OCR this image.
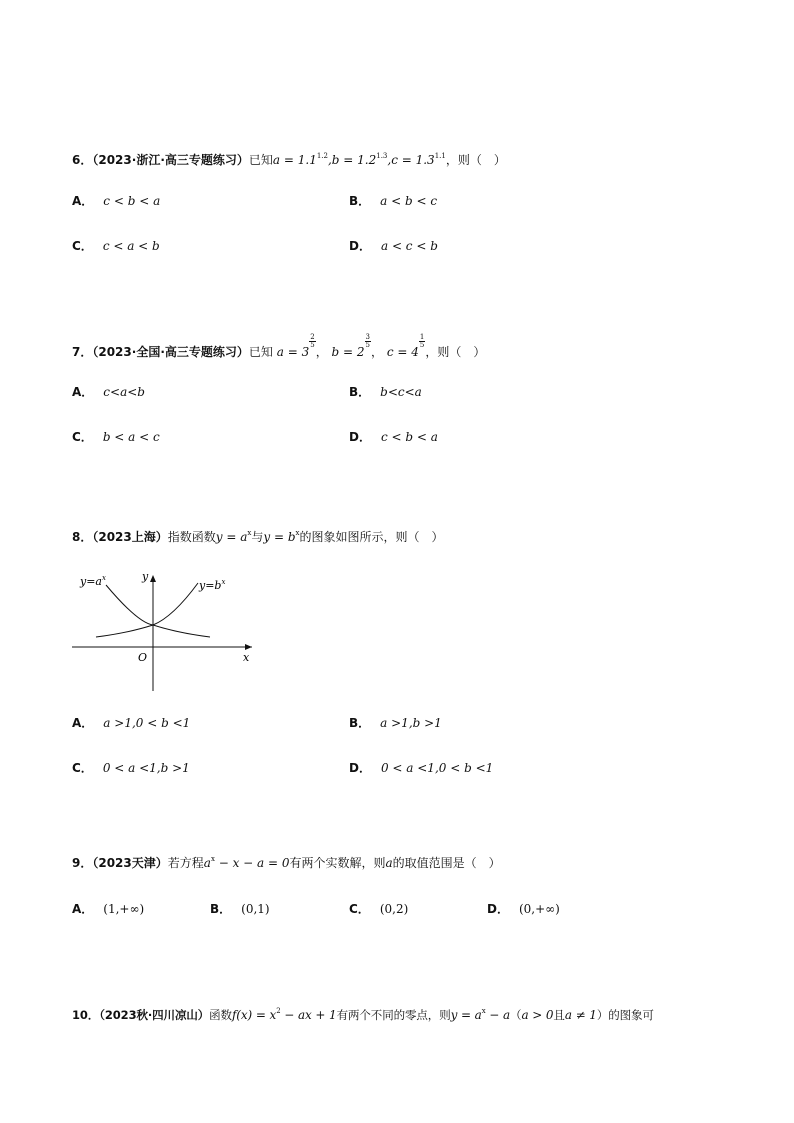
6．（2023·浙江·高三专题练习）已知$a = 1.1^{1.2},b = 1.2^{1.3},c = 1.3^{1.1}$，则（　）
A． c < b < a	B． a < b < c
C． c < a < b	D． a < c < b
7．（2023·全国·高三专题练习）已知 a = 3
$\frac{2}{5}$
， b = 2
$\frac{3}{5}$
， c = 4
$\frac{1}{5}$
，则（　）
A． c<a<b	B． b<c<a
C． b < a < c	D． c < b < a
8．（2023上海）指数函数$y = a^x$与$y = b^x$的图象如图所示，则（　）
$y=a^x$
$y=b^x$
y
x
O
A． a >1,0 < b <1	B． a >1,b >1
C． 0 < a <1,b >1	D． 0 < a <1,0 < b <1
9．（2023天津）若方程$a^x - x - a = 0$有两个实数解，则a的取值范围是（　）
A． (1,+∞)	B． (0,1)	C． (0,2)	D． (0,+∞)
10．（2023秋·四川凉山）函数$f(x) = x^2$ − ax + 1有两个不同的零点，则$y = a^x - a(a > 0$且a ≠ 1）的图象可
